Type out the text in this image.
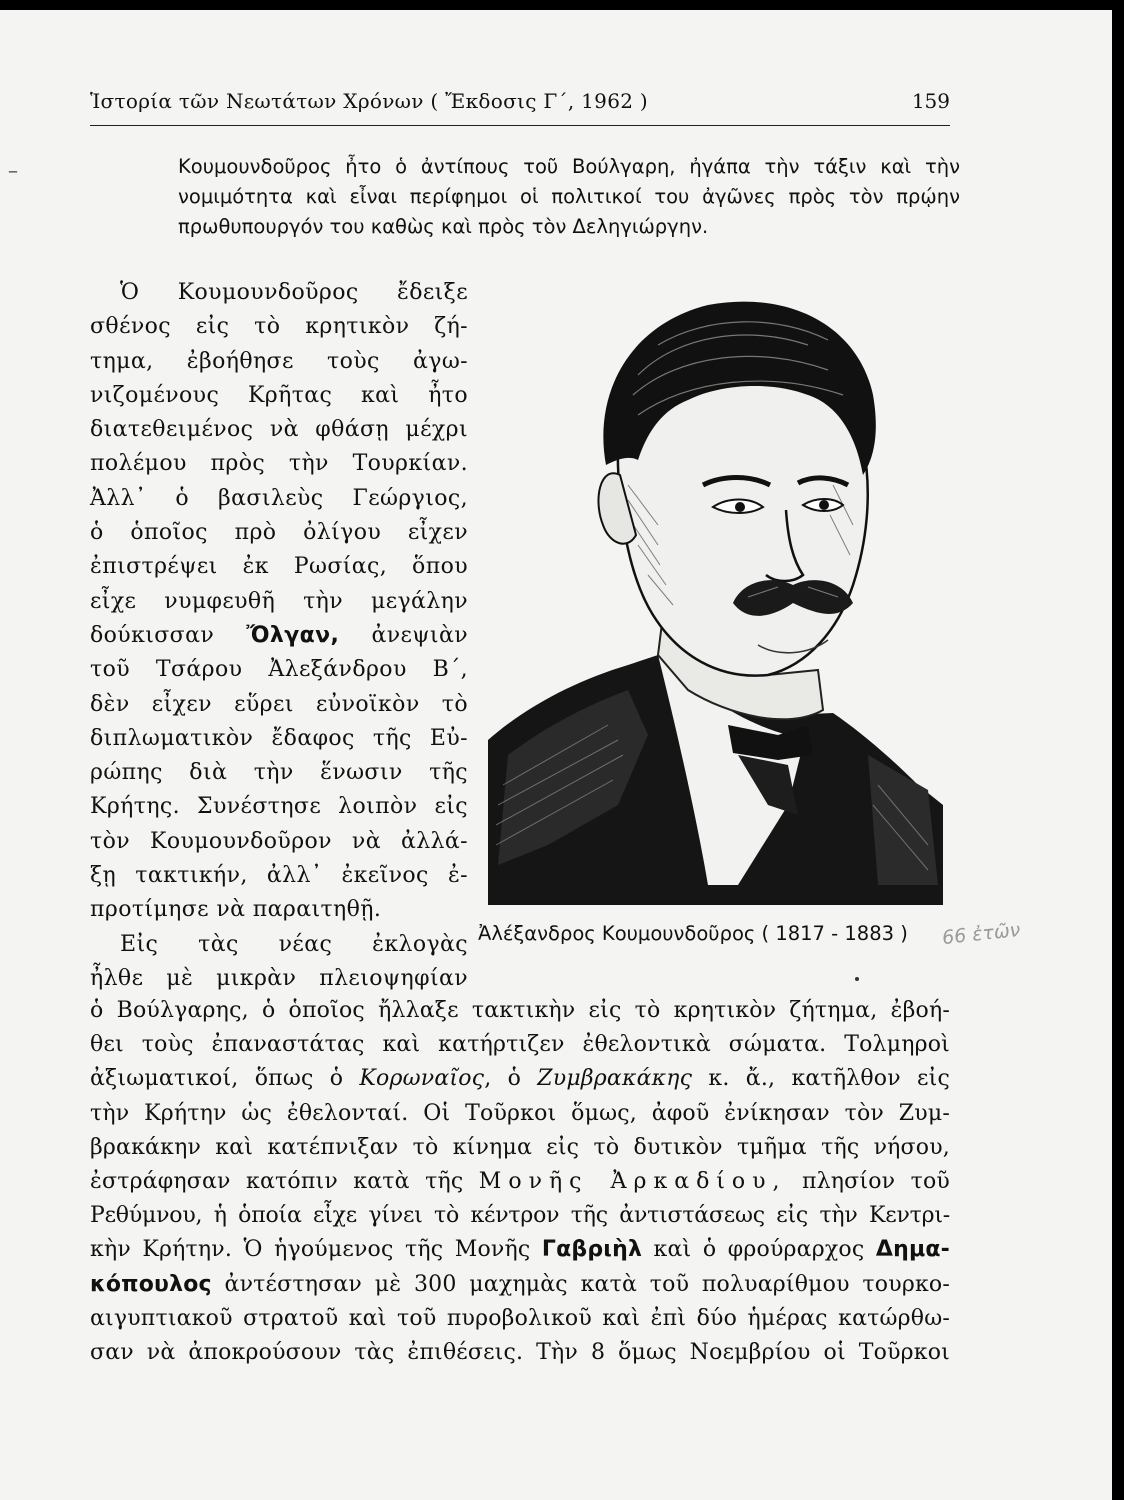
Ἱστορία τῶν Νεωτάτων Χρόνων ( Ἔκδοσις Γ΄, 1962 )	159
–	Κουμουνδοῦρος ἦτο ὁ ἀντίπους τοῦ Βούλγαρη, ἠγάπα τὴν τάξιν καὶ τὴν
νομιμότητα καὶ εἶναι περίφημοι οἱ πολιτικοί του ἀγῶνες πρὸς τὸν πρῴην
πρωθυπουργόν του καθὼς καὶ πρὸς τὸν Δεληγιώργην.
Ὁ Κουμουνδοῦρος ἔδειξε
σθένος εἰς τὸ κρητικὸν ζή-
τημα, ἐβοήθησε τοὺς ἀγω-
νιζομένους Κρῆτας καὶ ἦτο
διατεθειμένος νὰ φθάσῃ μέχρι
πολέμου πρὸς τὴν Τουρκίαν.
Ἀλλ᾽ ὁ βασιλεὺς Γεώργιος,
ὁ ὁποῖος πρὸ ὀλίγου εἶχεν
ἐπιστρέψει ἐκ Ρωσίας, ὅπου
εἶχε νυμφευθῆ τὴν μεγάλην
δούκισσαν Ὄλγαν, ἀνεψιὰν
τοῦ Τσάρου Ἀλεξάνδρου Β΄,
δὲν εἶχεν εὕρει εὐνοϊκὸν τὸ
διπλωματικὸν ἔδαφος τῆς Εὐ-
ρώπης διὰ τὴν ἕνωσιν τῆς
Κρήτης. Συνέστησε λοιπὸν εἰς
τὸν Κουμουνδοῦρον νὰ ἀλλά-
ξῃ τακτικήν, ἀλλ᾽ ἐκεῖνος ἐ-
προτίμησε νὰ παραιτηθῇ.
Εἰς τὰς νέας ἐκλογὰς
ἦλθε μὲ μικρὰν πλειοψηφίαν
Ἀλέξανδρος Κουμουνδοῦρος ( 1817 - 1883 ) 66 ἐτῶν
ὁ Βούλγαρης, ὁ ὁποῖος ἤλλαξε τακτικὴν εἰς τὸ κρητικὸν ζήτημα, ἐβοή-
θει τοὺς ἐπαναστάτας καὶ κατήρτιζεν ἐθελοντικὰ σώματα. Τολμηροὶ
ἀξιωματικοί, ὅπως ὁ Κορωναῖος, ὁ Ζυμβρακάκης κ. ἄ., κατῆλθον εἰς
τὴν Κρήτην ὡς ἐθελονταί. Οἱ Τοῦρκοι ὅμως, ἀφοῦ ἐνίκησαν τὸν Ζυμ-
βρακάκην καὶ κατέπνιξαν τὸ κίνημα εἰς τὸ δυτικὸν τμῆμα τῆς νήσου,
ἐστράφησαν κατόπιν κατὰ τῆς Μονῆς Ἀρκαδίου, πλησίον τοῦ
Ρεθύμνου, ἡ ὁποία εἶχε γίνει τὸ κέντρον τῆς ἀντιστάσεως εἰς τὴν Κεντρι-
κὴν Κρήτην. Ὁ ἡγούμενος τῆς Μονῆς Γαβριὴλ καὶ ὁ φρούραρχος Δημα-
κόπουλος ἀντέστησαν μὲ 300 μαχημὰς κατὰ τοῦ πολυαρίθμου τουρκο-
αιγυπτιακοῦ στρατοῦ καὶ τοῦ πυροβολικοῦ καὶ ἐπὶ δύο ἡμέρας κατώρθω-
σαν νὰ ἀποκρούσουν τὰς ἐπιθέσεις. Τὴν 8 ὅμως Νοεμβρίου οἱ Τοῦρκοι
